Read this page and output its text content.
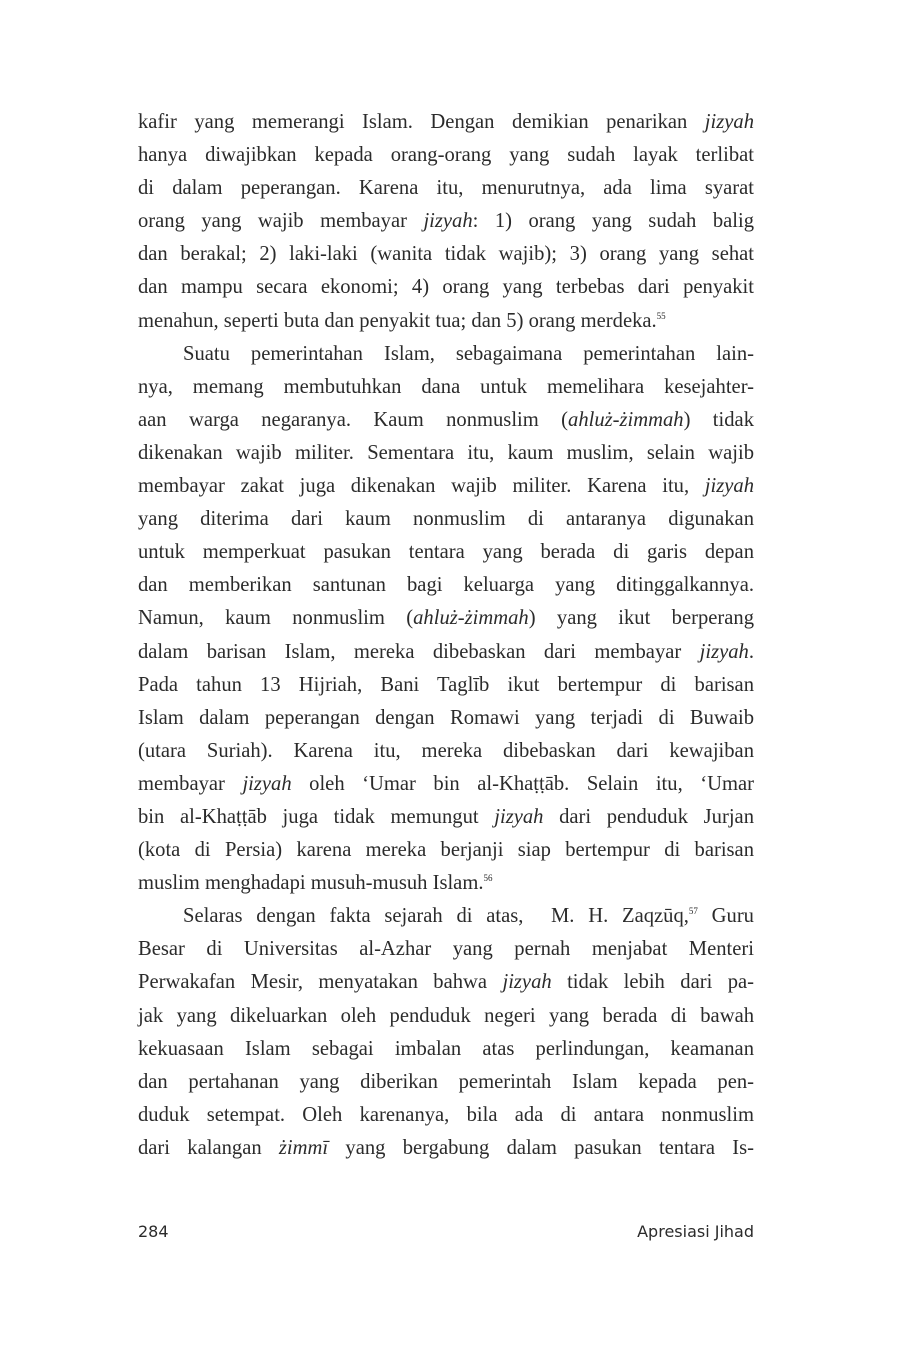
kafir yang memerangi Islam. Dengan demikian penarikan jizyah
hanya diwajibkan kepada orang-orang yang sudah layak terlibat
di dalam peperangan. Karena itu, menurutnya, ada lima syarat
orang yang wajib membayar jizyah: 1) orang yang sudah balig
dan berakal; 2) laki-laki (wanita tidak wajib); 3) orang yang sehat
dan mampu secara ekonomi; 4) orang yang terbebas dari penyakit
menahun, seperti buta dan penyakit tua; dan 5) orang merdeka.$^{55}$
Suatu pemerintahan Islam, sebagaimana pemerintahan lain-
nya, memang membutuhkan dana untuk memelihara kesejahter-
aan warga negaranya. Kaum nonmuslim (ahluż-żimmah) tidak
dikenakan wajib militer. Sementara itu, kaum muslim, selain wajib
membayar zakat juga dikenakan wajib militer. Karena itu, jizyah
yang diterima dari kaum nonmuslim di antaranya digunakan
untuk memperkuat pasukan tentara yang berada di garis depan
dan memberikan santunan bagi keluarga yang ditinggalkannya.
Namun, kaum nonmuslim (ahluż-żimmah) yang ikut berperang
dalam barisan Islam, mereka dibebaskan dari membayar jizyah.
Pada tahun 13 Hijriah, Bani Taglīb ikut bertempur di barisan
Islam dalam peperangan dengan Romawi yang terjadi di Buwaib
(utara Suriah). Karena itu, mereka dibebaskan dari kewajiban
membayar jizyah oleh ‘Umar bin al-Khaṭṭāb. Selain itu, ‘Umar
bin al-Khaṭṭāb juga tidak memungut jizyah dari penduduk Jurjan
(kota di Persia) karena mereka berjanji siap bertempur di barisan
muslim menghadapi musuh-musuh Islam.$^{56}$
Selaras dengan fakta sejarah di atas,  M. H. Zaqzūq,$^{57}$ Guru
Besar di Universitas al-Azhar yang pernah menjabat Menteri
Perwakafan Mesir, menyatakan bahwa jizyah tidak lebih dari pa-
jak yang dikeluarkan oleh penduduk negeri yang berada di bawah
kekuasaan Islam sebagai imbalan atas perlindungan, keamanan
dan pertahanan yang diberikan pemerintah Islam kepada pen-
duduk setempat. Oleh karenanya, bila ada di antara nonmuslim
dari kalangan żimmī yang bergabung dalam pasukan tentara Is-
284	Apresiasi Jihad
